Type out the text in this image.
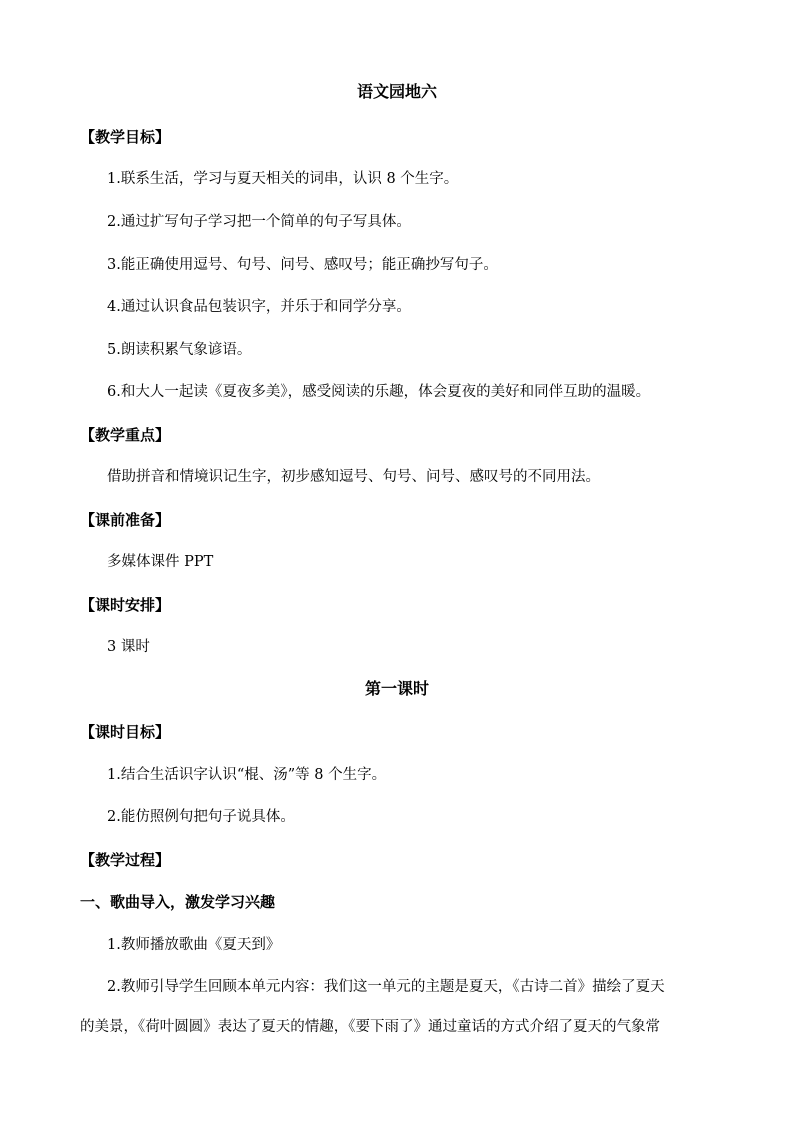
语文园地六
【教学目标】
1.联系生活，学习与夏天相关的词串，认识 8 个生字。
2.通过扩写句子学习把一个简单的句子写具体。
3.能正确使用逗号、句号、问号、感叹号；能正确抄写句子。
4.通过认识食品包装识字，并乐于和同学分享。
5.朗读积累气象谚语。
6.和大人一起读《夏夜多美》，感受阅读的乐趣，体会夏夜的美好和同伴互助的温暖。
【教学重点】
借助拼音和情境识记生字，初步感知逗号、句号、问号、感叹号的不同用法。
【课前准备】
多媒体课件 PPT
【课时安排】
3 课时
第一课时
【课时目标】
1.结合生活识字认识“棍、汤”等 8 个生字。
2.能仿照例句把句子说具体。
【教学过程】
一、歌曲导入，激发学习兴趣
1.教师播放歌曲《夏天到》
2.教师引导学生回顾本单元内容：我们这一单元的主题是夏天，《古诗二首》描绘了夏天
的美景，《荷叶圆圆》表达了夏天的情趣，《要下雨了》通过童话的方式介绍了夏天的气象常
